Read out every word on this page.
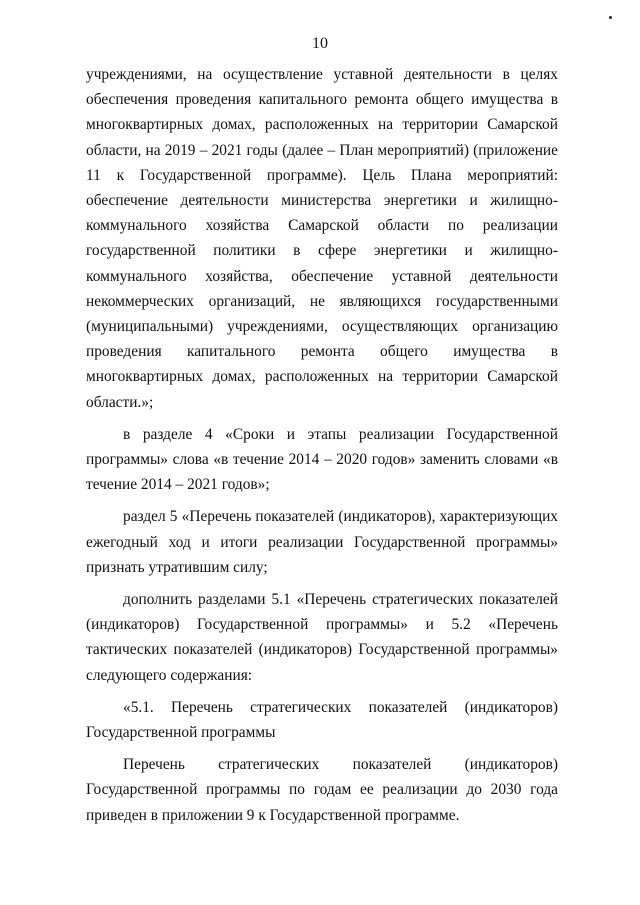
10

учреждениями, на осуществление уставной деятельности в целях обеспечения проведения капитального ремонта общего имущества в многоквартирных домах, расположенных на территории Самарской области, на 2019 – 2021 годы (далее – План мероприятий) (приложение 11 к Государственной программе). Цель Плана мероприятий: обеспечение деятельности министерства энергетики и жилищно-коммунального хозяйства Самарской области по реализации государственной политики в сфере энергетики и жилищно-коммунального хозяйства, обеспечение уставной деятельности некоммерческих организаций, не являющихся государственными (муниципальными) учреждениями, осуществляющих организацию проведения капитального ремонта общего имущества в многоквартирных домах, расположенных на территории Самарской области.»;

в разделе 4 «Сроки и этапы реализации Государственной программы» слова «в течение 2014 – 2020 годов» заменить словами «в течение 2014 – 2021 годов»;

раздел 5 «Перечень показателей (индикаторов), характеризующих ежегодный ход и итоги реализации Государственной программы» признать утратившим силу;

дополнить разделами 5.1 «Перечень стратегических показателей (индикаторов) Государственной программы» и 5.2 «Перечень тактических показателей (индикаторов) Государственной программы» следующего содержания:

«5.1. Перечень стратегических показателей (индикаторов) Государственной программы

Перечень стратегических показателей (индикаторов) Государственной программы по годам ее реализации до 2030 года приведен в приложении 9 к Государственной программе.
